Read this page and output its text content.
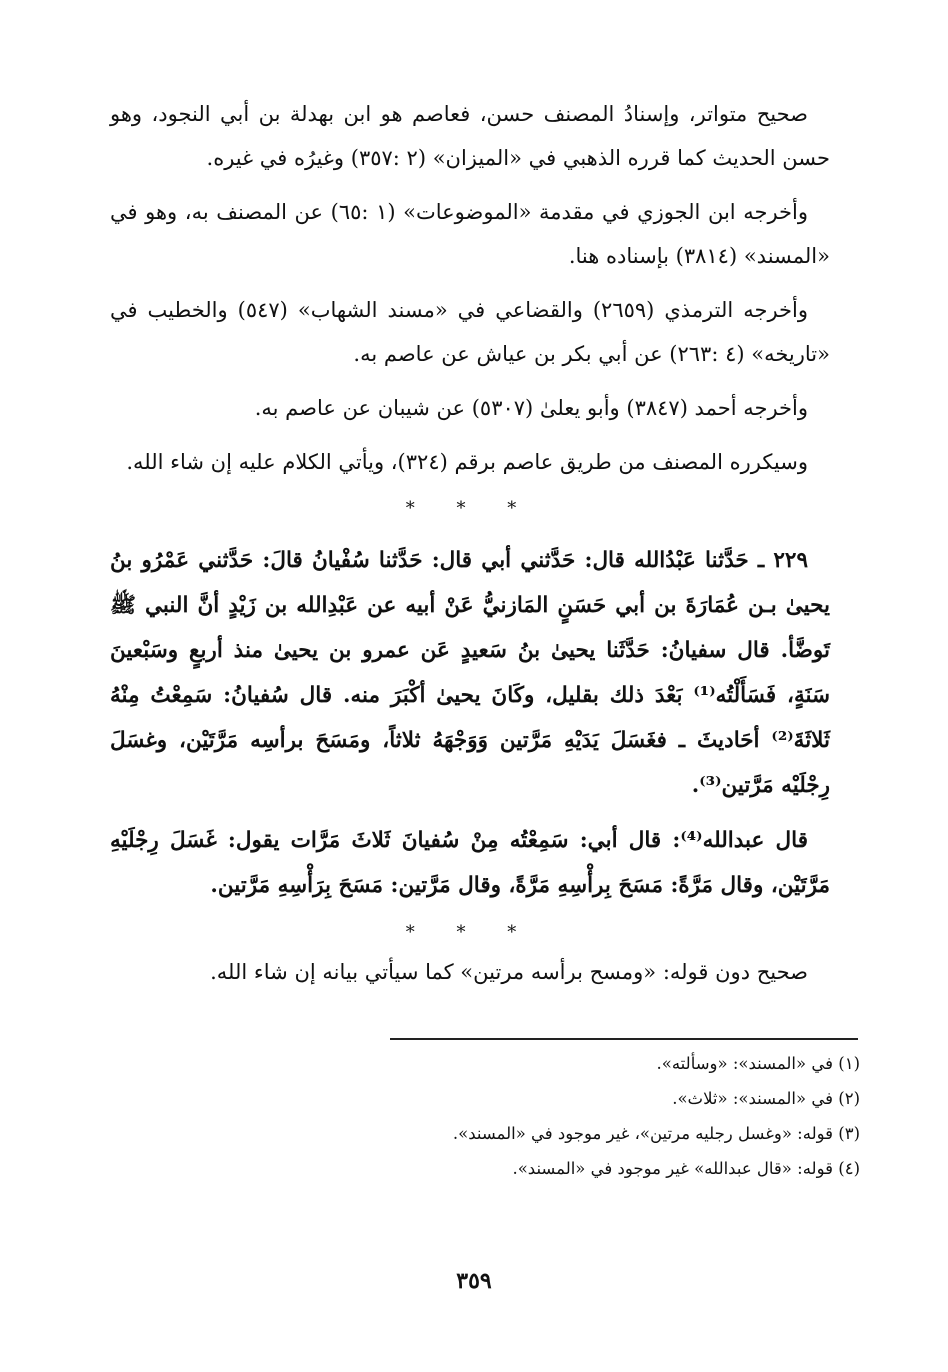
صحيح متواتر، وإسنادُ المصنف حسن، فعاصم هو ابن بهدلة بن أبي النجود، وهو حسن الحديث كما قرره الذهبي في «الميزان» (٢ :٣٥٧) وغيرُه في غيره.

وأخرجه ابن الجوزي في مقدمة «الموضوعات» (١ :٦٥) عن المصنف به، وهو في «المسند» (٣٨١٤) بإسناده هنا.

وأخرجه الترمذي (٢٦٥٩) والقضاعي في «مسند الشهاب» (٥٤٧) والخطيب في «تاريخه» (٤ :٢٦٣) عن أبي بكر بن عياش عن عاصم به.

وأخرجه أحمد (٣٨٤٧) وأبو يعلىٰ (٥٣٠٧) عن شيبان عن عاصم به.

وسيكرره المصنف من طريق عاصم برقم (٣٢٤)، ويأتي الكلام عليه إن شاء الله.

* * *

٢٢٩ ـ حَدَّثنا عَبْدُالله قال: حَدَّثني أبي قال: حَدَّثنا سُفْيانُ قالَ: حَدَّثني عَمْرُو بنُ يحيىٰ بـن عُمَارَةَ بن أبي حَسَنٍ المَازنيُّ عَنْ أبيه عن عَبْدِالله بن زَيْدٍ أنَّ النبي ﷺ تَوضَّأ. قال سفيانُ: حَدَّثَنا يحيىٰ بنُ سَعيدٍ عَن عمرو بن يحيىٰ منذ أربعٍ وسَبْعينَ سَنَةٍ، فَسَأَلْتُه⁽¹⁾ بَعْدَ ذلك بقليل، وكَانَ يحيىٰ أكْبَرَ منه. قال سُفيانُ: سَمِعْتُ مِنْهُ ثَلاثَةَ⁽²⁾ أحَاديثَ ـ فغَسَلَ يَدَيْهِ مَرَّتين وَوَجْهَهُ ثلاثاً، ومَسَحَ برأسِه مَرَّتَيْن، وغسَلَ رِجْلَيْه مَرَّتين⁽³⁾.

قال عبدالله⁽⁴⁾: قال أبي: سَمِعْتُه مِنْ سُفيانَ ثَلاثَ مَرَّات يقول: غَسَلَ رِجْلَيْهِ مَرَّتَيْن، وقال مَرَّةً: مَسَحَ بِرأْسِهِ مَرَّةً، وقال مَرَّتين: مَسَحَ بِرَأْسِهِ مَرَّتين.

* * *

صحيح دون قوله: «ومسح برأسه مرتين» كما سيأتي بيانه إن شاء الله.

(١) في «المسند»: «وسألته».

(٢) في «المسند»: «ثلاث».

(٣) قوله: «وغسل رجليه مرتين»، غير موجود في «المسند».

(٤) قوله: «قال عبدالله» غير موجود في «المسند».

٣٥٩
